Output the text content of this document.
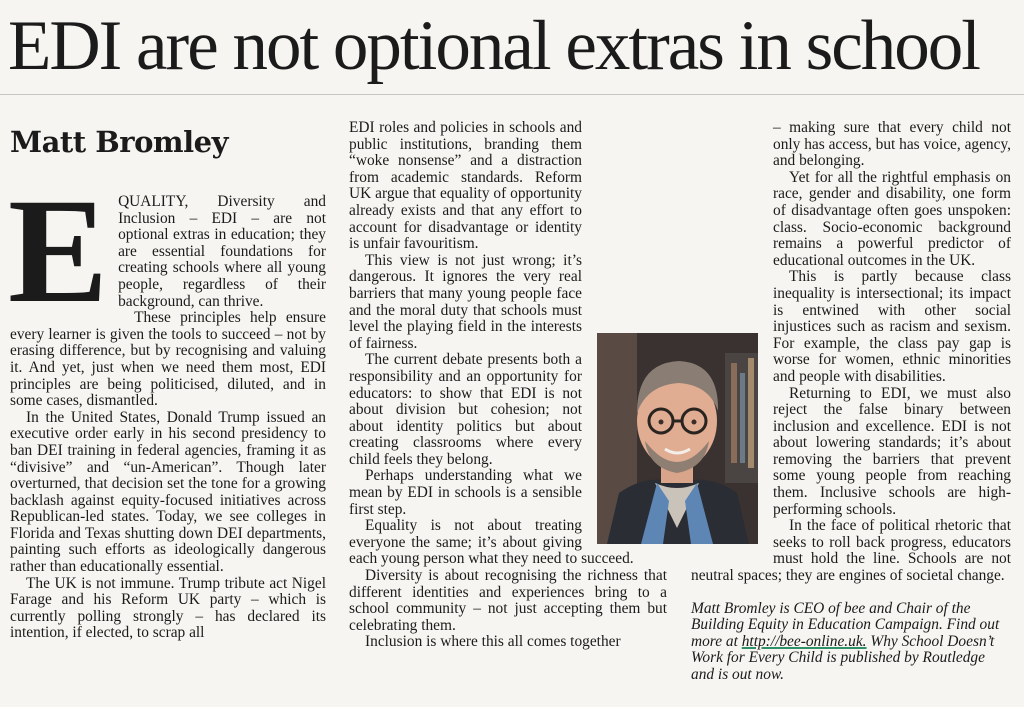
EDI are not optional extras in school
Matt Bromley

EQUALITY, Diversity and Inclusion – EDI – are not optional extras in education; they are essential foundations for creating schools where all young people, regardless of their background, can thrive.

These principles help ensure every learner is given the tools to succeed – not by erasing difference, but by recognising and valuing it. And yet, just when we need them most, EDI principles are being politicised, diluted, and in some cases, dismantled.

In the United States, Donald Trump issued an executive order early in his second presidency to ban DEI training in federal agencies, framing it as “divisive” and “un-American”. Though later overturned, that decision set the tone for a growing backlash against equity-focused initiatives across Republican-led states. Today, we see colleges in Florida and Texas shutting down DEI departments, painting such efforts as ideologically dangerous rather than educationally essential.

The UK is not immune. Trump tribute act Nigel Farage and his Reform UK party – which is currently polling strongly – has declared its intention, if elected, to scrap all

EDI roles and policies in schools and public institutions, branding them “woke nonsense” and a distraction from academic standards. Reform UK argue that equality of opportunity already exists and that any effort to account for disadvantage or identity is unfair favouritism.

This view is not just wrong; it’s dangerous. It ignores the very real barriers that many young people face and the moral duty that schools must level the playing field in the interests of fairness.

The current debate presents both a responsibility and an opportunity for educators: to show that EDI is not about division but cohesion; not about identity politics but about creating classrooms where every child feels they belong.

Perhaps understanding what we mean by EDI in schools is a sensible first step.

Equality is not about treating everyone the same; it’s about giving each young person what they need to succeed.

Diversity is about recognising the richness that different identities and experiences bring to a school community – not just accepting them but celebrating them.

Inclusion is where this all comes together

– making sure that every child not only has access, but has voice, agency, and belonging.

Yet for all the rightful emphasis on race, gender and disability, one form of disadvantage often goes unspoken: class. Socio-economic background remains a powerful predictor of educational outcomes in the UK.

This is partly because class inequality is intersectional; its impact is entwined with other social injustices such as racism and sexism. For example, the class pay gap is worse for women, ethnic minorities and people with disabilities.

Returning to EDI, we must also reject the false binary between inclusion and excellence. EDI is not about lowering standards; it’s about removing the barriers that prevent some young people from reaching them. Inclusive schools are high-performing schools.

In the face of political rhetoric that seeks to roll back progress, educators must hold the line. Schools are not neutral spaces; they are engines of societal change.

Matt Bromley is CEO of bee and Chair of the Building Equity in Education Campaign. Find out more at http://bee-online.uk. Why School Doesn’t Work for Every Child is published by Routledge and is out now.
